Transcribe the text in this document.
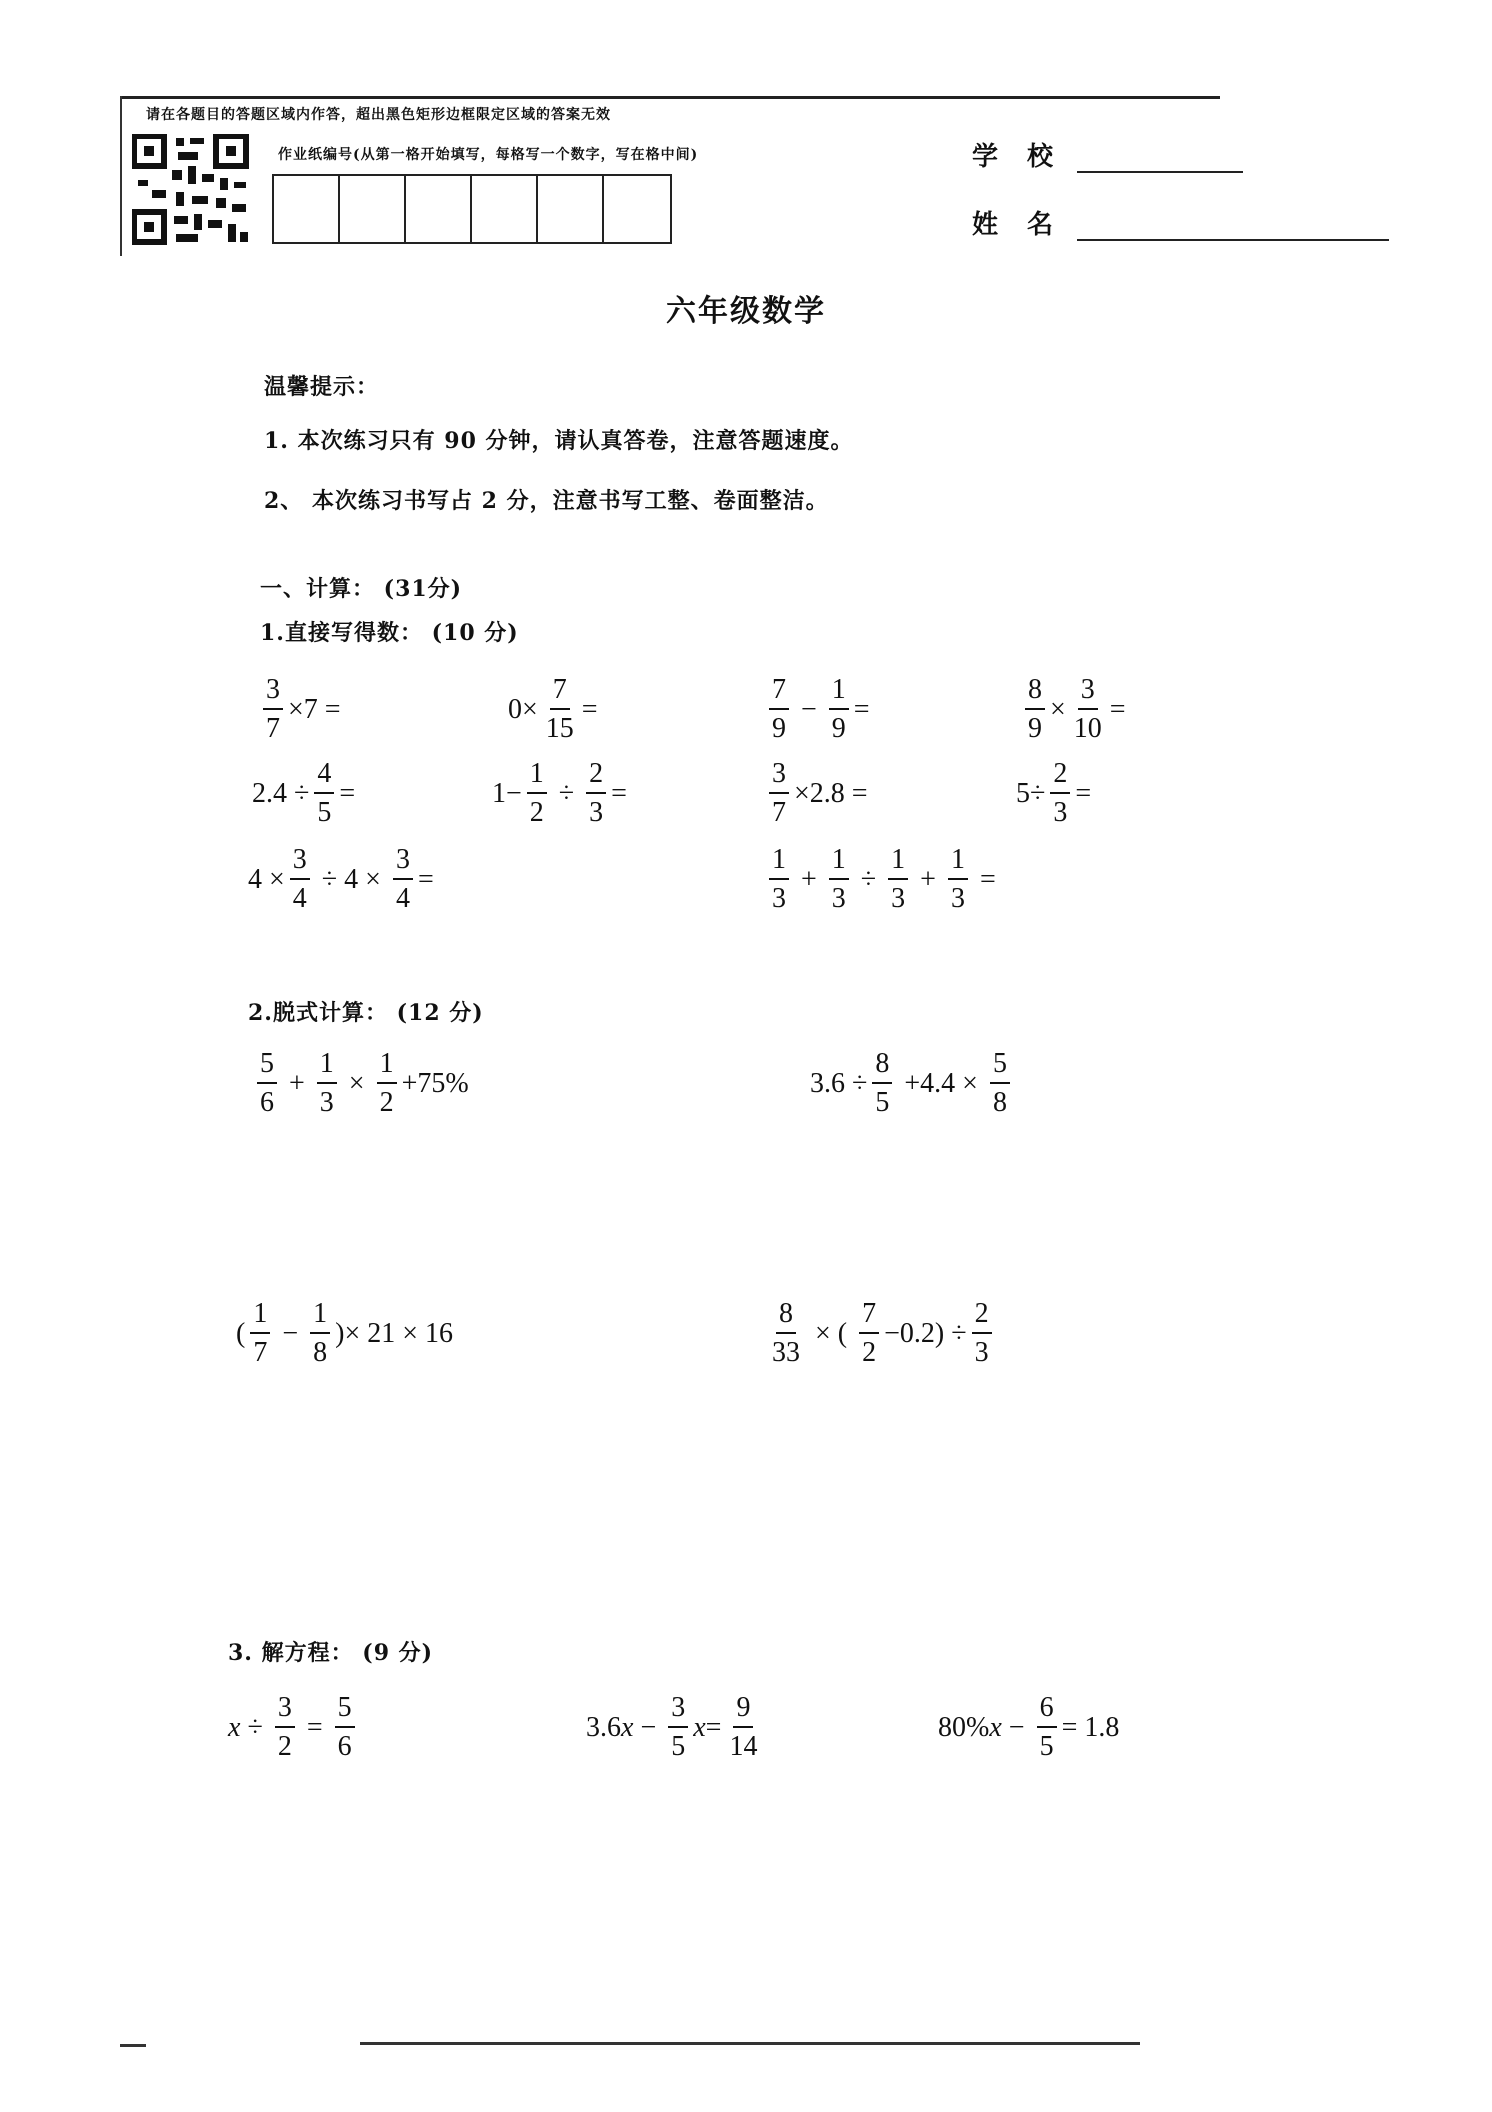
请在各题目的答题区域内作答，超出黑色矩形边框限定区域的答案无效
作业纸编号(从第一格开始填写，每格写一个数字，写在格中间)	学 校
姓 名
六年级数学
温馨提示：
1. 本次练习只有 90 分钟，请认真答卷，注意答题速度。
2、 本次练习书写占 2 分，注意书写工整、卷面整洁。
一、计算： (31分)
1.直接写得数： (10 分)
$\frac{3}{7} \times 7$ =	$0\times \frac{7}{15}$ =	$\frac{7}{9} - \frac{1}{9}$ =	$\frac{8}{9} \times \frac{3}{10}$ =
$2.4 \div \frac{4}{5}$ =	$1- \frac{1}{2} \div \frac{2}{3}$ =	$\frac{3}{7} \times 2.8$ =	$5\div \frac{2}{3}$ =
$4 \times \frac{3}{4} \div 4 \times \frac{3}{4}$ =	$\frac{1}{3} + \frac{1}{3} \div \frac{1}{3} + \frac{1}{3}$ =
2.脱式计算： (12 分)
$\frac{5}{6} + \frac{1}{3} \times \frac{1}{2} +75\%$	$3.6 \div \frac{8}{5} +4.4 \times \frac{5}{8}$
( $\frac{1}{7} - \frac{1}{8}$ )× 21 × 16	$\frac{8}{33}$ × ( $\frac{7}{2} -0.2) \div \frac{2}{3}$
3. 解方程： (9 分)
$x \div \frac{3}{2} = \frac{5}{6}$	3.6 $x - \frac{3}{5}$ $x = \frac{9}{14}$	80% $x - \frac{6}{5} = 1.8$
